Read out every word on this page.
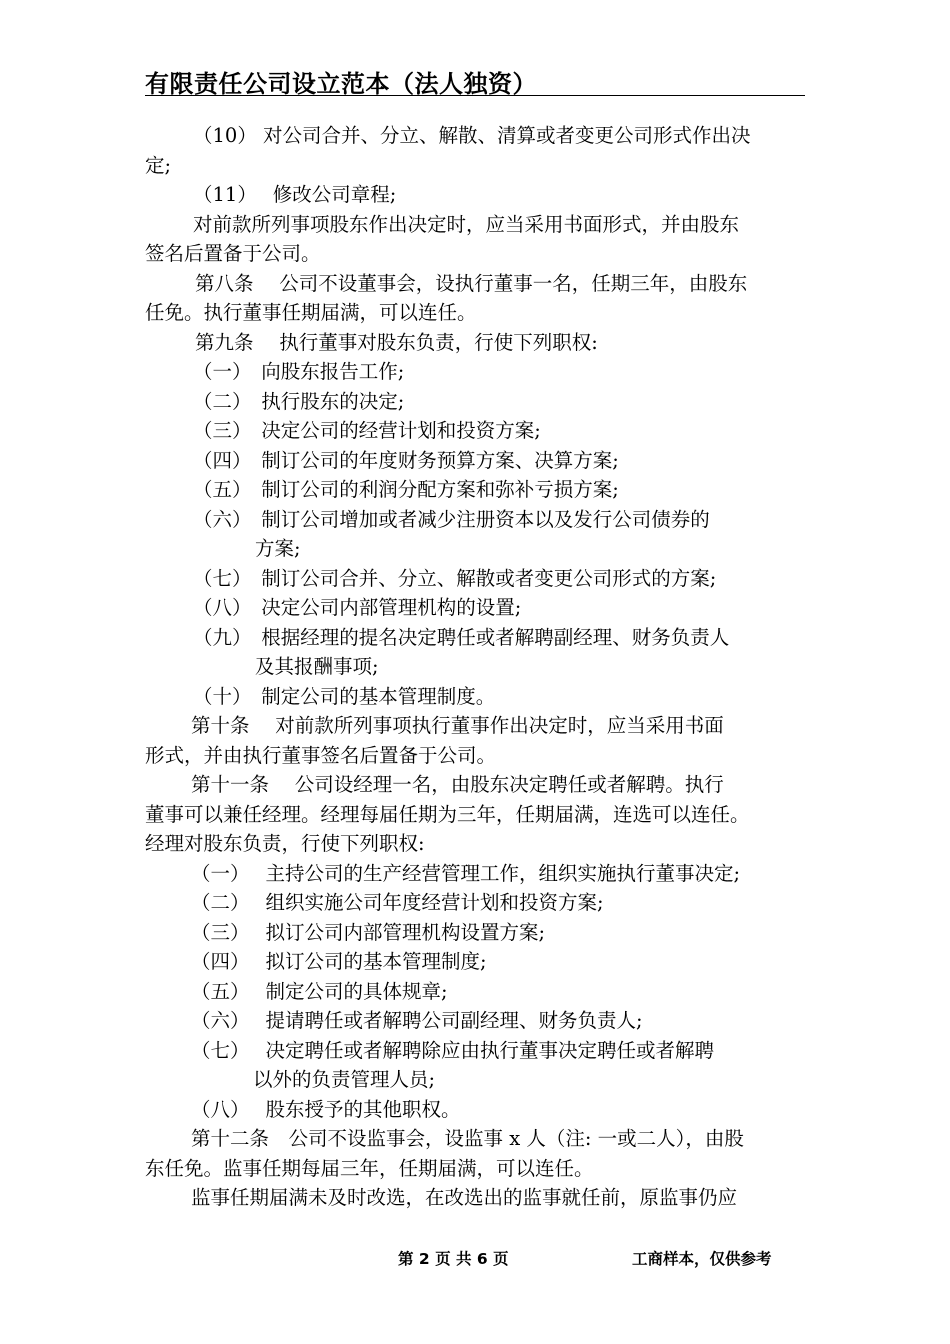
有限责任公司设立范本（法人独资）
（10） 对公司合并、分立、解散、清算或者变更公司形式作出决
定;
（11）　 修改公司章程;
对前款所列事项股东作出决定时，应当采用书面形式，并由股东
签名后置备于公司。
第八条　 公司不设董事会，设执行董事一名，任期三年，由股东
任免。执行董事任期届满，可以连任。
第九条　 执行董事对股东负责，行使下列职权:
（一）　向股东报告工作;
（二）　执行股东的决定;
（三）　决定公司的经营计划和投资方案;
（四）　制订公司的年度财务预算方案、决算方案;
（五）　制订公司的利润分配方案和弥补亏损方案;
（六）　制订公司增加或者减少注册资本以及发行公司债券的
方案;
（七）　制订公司合并、分立、解散或者变更公司形式的方案;
（八）　决定公司内部管理机构的设置;
（九）　根据经理的提名决定聘任或者解聘副经理、财务负责人
及其报酬事项;
（十）　制定公司的基本管理制度。
第十条　 对前款所列事项执行董事作出决定时，应当采用书面
形式，并由执行董事签名后置备于公司。
第十一条　 公司设经理一名，由股东决定聘任或者解聘。执行
董事可以兼任经理。经理每届任期为三年，任期届满，连选可以连任。
经理对股东负责，行使下列职权:
（一）　 主持公司的生产经营管理工作，组织实施执行董事决定;
（二）　 组织实施公司年度经营计划和投资方案;
（三）　 拟订公司内部管理机构设置方案;
（四）　 拟订公司的基本管理制度;
（五）　 制定公司的具体规章;
（六）　 提请聘任或者解聘公司副经理、财务负责人;
（七）　 决定聘任或者解聘除应由执行董事决定聘任或者解聘
以外的负责管理人员;
（八）　 股东授予的其他职权。
第十二条　公司不设监事会，设监事 x 人（注: 一或二人），由股
东任免。监事任期每届三年，任期届满，可以连任。
监事任期届满未及时改选，在改选出的监事就任前，原监事仍应
第 2 页 共 6 页	工商样本，仅供参考
